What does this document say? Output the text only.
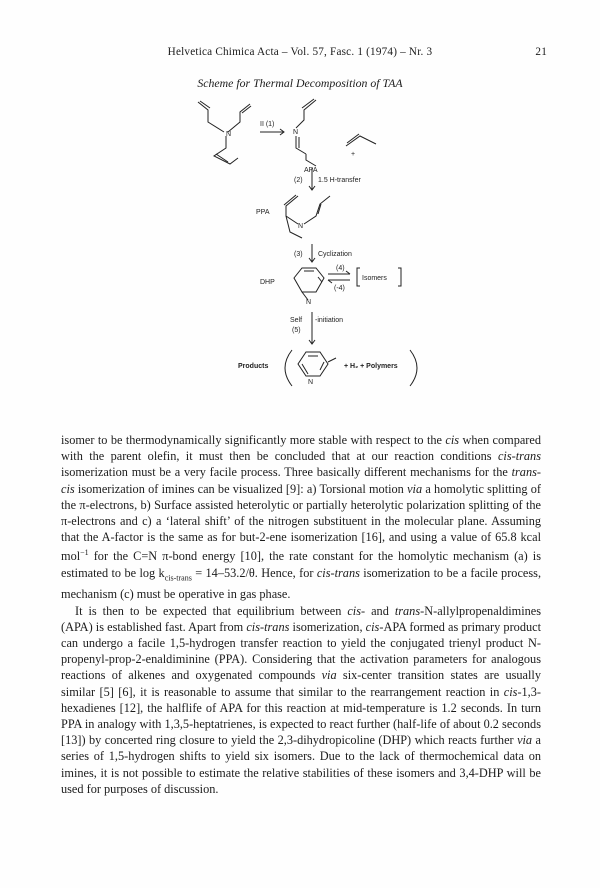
Helvetica Chimica Acta – Vol. 57, Fasc. 1 (1974) – Nr. 3	21
Scheme for Thermal Decomposition of TAA
N
II (1)
N
+
APA
(2) 1.5 H-transfer
PPA
N
(3) Cyclization
DHP
(4)
(-4)
Isomers
N
Self -initiation
(5)
Products	+ H₂ + Polymers
N

isomer to be thermodynamically significantly more stable with respect to the cis when compared with the parent olefin, it must then be concluded that at our reaction conditions cis-trans isomerization must be a very facile process. Three basically different mechanisms for the trans-cis isomerization of imines can be visualized [9]: a) Torsional motion via a homolytic splitting of the π-electrons, b) Surface assisted heterolytic or partially heterolytic polarization splitting of the π-electrons and c) a ‘lateral shift’ of the nitrogen substituent in the molecular plane. Assuming that the A-factor is the same as for but-2-ene isomerization [16], and using a value of 65.8 kcal mol$^{-1}$ for the C=N π-bond energy [10], the rate constant for the homolytic mechanism (a) is estimated to be $\log k_{cis-trans} = 14-53.2/\theta$. Hence, for cis-trans isomerization to be a facile process, mechanism (c) must be operative in gas phase.

It is then to be expected that equilibrium between cis- and trans-N-allylpropenaldimines (APA) is established fast. Apart from cis-trans isomerization, cis-APA formed as primary product can undergo a facile 1,5-hydrogen transfer reaction to yield the conjugated trienyl product N-propenyl-prop-2-enaldiminine (PPA). Considering that the activation parameters for analogous reactions of alkenes and oxygenated compounds via six-center transition states are usually similar [5] [6], it is reasonable to assume that similar to the rearrangement reaction in cis-1,3-hexadienes [12], the halflife of APA for this reaction at mid-temperature is 1.2 seconds. In turn PPA in analogy with 1,3,5-heptatrienes, is expected to react further (half-life of about 0.2 seconds [13]) by concerted ring closure to yield the 2,3-dihydropicoline (DHP) which reacts further via a series of 1,5-hydrogen shifts to yield six isomers. Due to the lack of thermochemical data on imines, it is not possible to estimate the relative stabilities of these isomers and 3,4-DHP will be used for purposes of discussion.
